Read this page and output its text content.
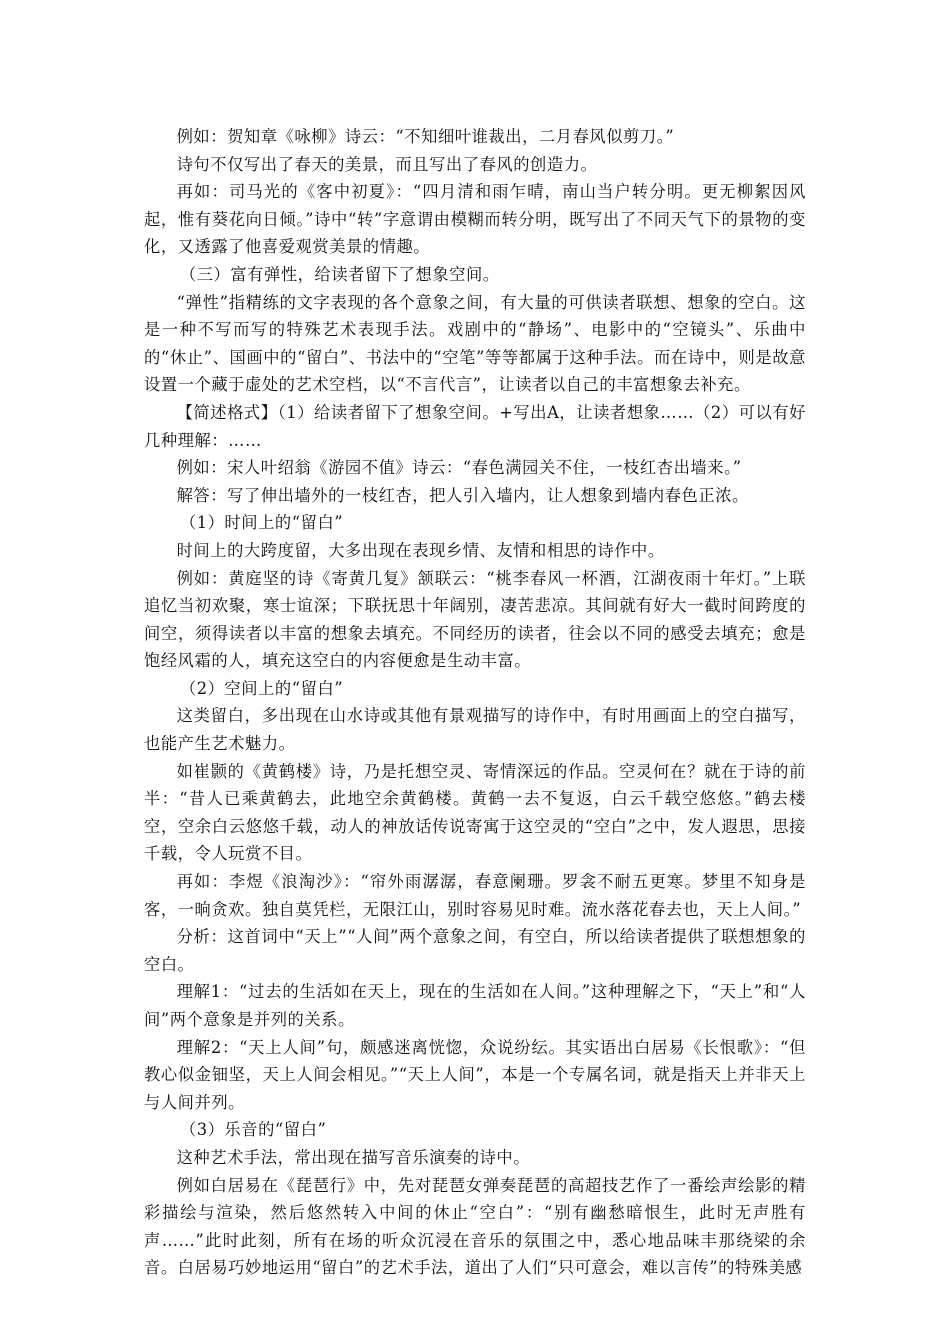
例如：贺知章《咏柳》诗云：“不知细叶谁裁出，二月春风似剪刀。”

诗句不仅写出了春天的美景，而且写出了春风的创造力。

再如：司马光的《客中初夏》：“四月清和雨乍晴，南山当户转分明。更无柳絮因风起，惟有葵花向日倾。”诗中“转”字意谓由模糊而转分明，既写出了不同天气下的景物的变化，又透露了他喜爱观赏美景的情趣。

（三）富有弹性，给读者留下了想象空间。

“弹性”指精练的文字表现的各个意象之间，有大量的可供读者联想、想象的空白。这是一种不写而写的特殊艺术表现手法。戏剧中的“静场”、电影中的“空镜头”、乐曲中的“休止”、国画中的“留白”、书法中的“空笔”等等都属于这种手法。而在诗中，则是故意设置一个藏于虚处的艺术空档，以“不言代言”，让读者以自己的丰富想象去补充。

【简述格式】（1）给读者留下了想象空间。+写出A，让读者想象……（2）可以有好几种理解：……

例如：宋人叶绍翁《游园不值》诗云：“春色满园关不住，一枝红杏出墙来。”

解答：写了伸出墙外的一枝红杏，把人引入墙内，让人想象到墙内春色正浓。

（1）时间上的“留白”

时间上的大跨度留，大多出现在表现乡情、友情和相思的诗作中。

例如：黄庭坚的诗《寄黄几复》颔联云：“桃李春风一杯酒，江湖夜雨十年灯。”上联追忆当初欢聚，寒士谊深；下联抚思十年阔别，凄苦悲凉。其间就有好大一截时间跨度的间空，须得读者以丰富的想象去填充。不同经历的读者，往会以不同的感受去填充；愈是饱经风霜的人，填充这空白的内容便愈是生动丰富。

（2）空间上的“留白”

这类留白，多出现在山水诗或其他有景观描写的诗作中，有时用画面上的空白描写，也能产生艺术魅力。

如崔颢的《黄鹤楼》诗，乃是托想空灵、寄情深远的作品。空灵何在？就在于诗的前半：“昔人已乘黄鹤去，此地空余黄鹤楼。黄鹤一去不复返，白云千载空悠悠。”鹤去楼空，空余白云悠悠千载，动人的神放话传说寄寓于这空灵的“空白”之中，发人遐思，思接千载，令人玩赏不目。

再如：李煜《浪淘沙》：“帘外雨潺潺，春意阑珊。罗衾不耐五更寒。梦里不知身是客，一晌贪欢。独自莫凭栏，无限江山，别时容易见时难。流水落花春去也，天上人间。”

分析：这首词中“天上”“人间”两个意象之间，有空白，所以给读者提供了联想想象的空白。

理解1：“过去的生活如在天上，现在的生活如在人间。”这种理解之下，“天上”和“人间”两个意象是并列的关系。

理解2：“天上人间”句，颇感迷离恍惚，众说纷纭。其实语出白居易《长恨歌》：“但教心似金钿坚，天上人间会相见。”“天上人间”，本是一个专属名词，就是指天上并非天上与人间并列。

（3）乐音的“留白”

这种艺术手法，常出现在描写音乐演奏的诗中。

例如白居易在《琵琶行》中，先对琵琶女弹奏琵琶的高超技艺作了一番绘声绘影的精彩描绘与渲染，然后悠然转入中间的休止“空白”：“别有幽愁暗恨生，此时无声胜有声……”此时此刻，所有在场的听众沉浸在音乐的氛围之中，悉心地品味丰那绕梁的余音。白居易巧妙地运用“留白”的艺术手法，道出了人们“只可意会，难以言传”的特殊美感
